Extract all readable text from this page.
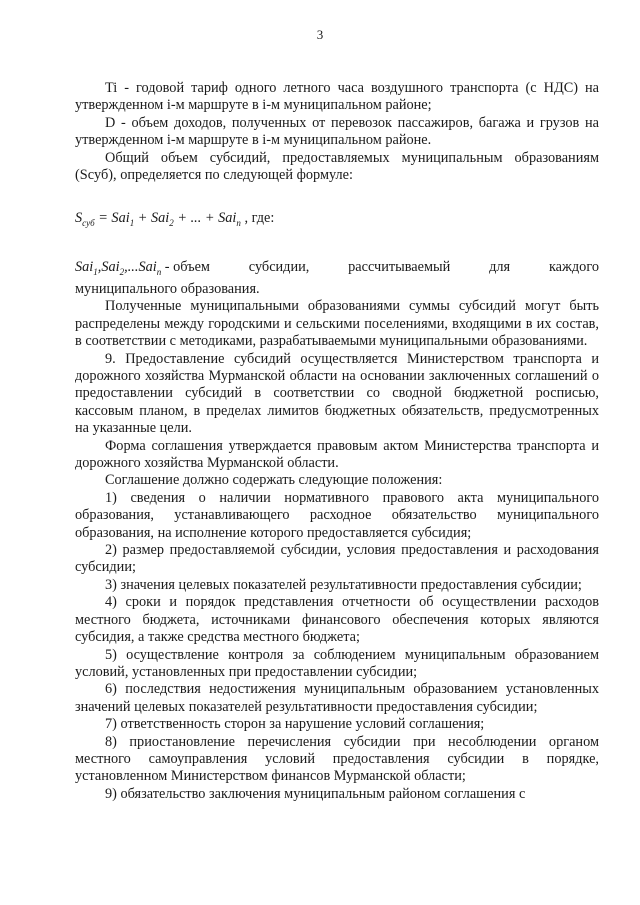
3

Ti - годовой тариф одного летного часа воздушного транспорта (с НДС) на утвержденном i-м маршруте в i-м муниципальном районе;

D - объем доходов, полученных от перевозок пассажиров, багажа и грузов на утвержденном i-м маршруте в i-м муниципальном районе.

Общий объем субсидий, предоставляемых муниципальным образованиям (Scуб), определяется по следующей формуле:

$S_{суб} = Sai_1 + Sai_2$ + ... + Sai$_n$ , где:
Sai$_1$,Sai$_2$,...Sai$_n$ - объем	субсидии,	рассчитываемый	для	каждого

муниципального образования.

Полученные муниципальными образованиями суммы субсидий могут быть распределены между городскими и сельскими поселениями, входящими в их состав, в соответствии с методиками, разрабатываемыми муниципальными образованиями.

9. Предоставление субсидий осуществляется Министерством транспорта и дорожного хозяйства Мурманской области на основании заключенных соглашений о предоставлении субсидий в соответствии со сводной бюджетной росписью, кассовым планом, в пределах лимитов бюджетных обязательств, предусмотренных на указанные цели.

Форма соглашения утверждается правовым актом Министерства транспорта и дорожного хозяйства Мурманской области.

Соглашение должно содержать следующие положения:

1) сведения о наличии нормативного правового акта муниципального образования, устанавливающего расходное обязательство муниципального образования, на исполнение которого предоставляется субсидия;

2) размер предоставляемой субсидии, условия предоставления и расходования субсидии;

3) значения целевых показателей результативности предоставления субсидии;

4) сроки и порядок представления отчетности об осуществлении расходов местного бюджета, источниками финансового обеспечения которых являются субсидия, а также средства местного бюджета;

5) осуществление контроля за соблюдением муниципальным образованием условий, установленных при предоставлении субсидии;

6) последствия недостижения муниципальным образованием установленных значений целевых показателей результативности предоставления субсидии;

7) ответственность сторон за нарушение условий соглашения;

8) приостановление перечисления субсидии при несоблюдении органом местного самоуправления условий предоставления субсидии в порядке, установленном Министерством финансов Мурманской области;

9) обязательство заключения муниципальным районом соглашения с
